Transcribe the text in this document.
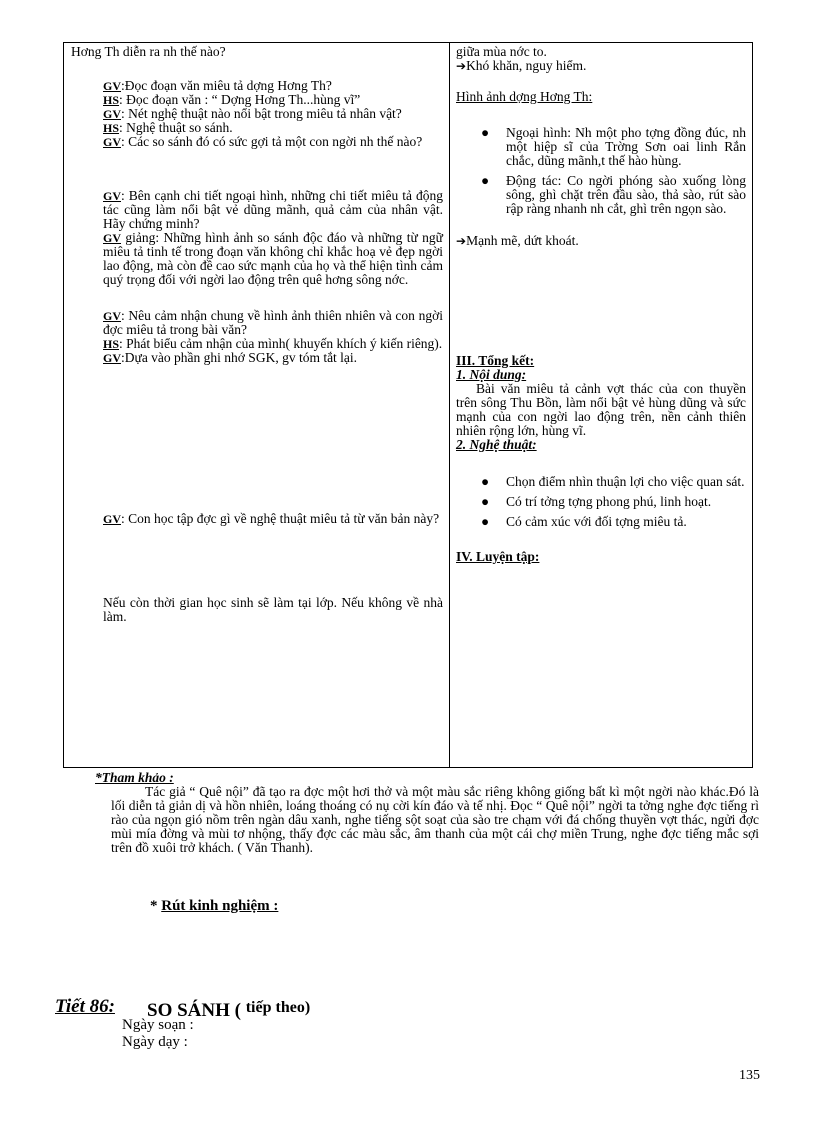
Hơng Th diễn ra nh thế nào?

GV:Đọc đoạn văn miêu tả dợng Hơng Th?

HS: Đọc đoạn văn : “ Dợng Hơng Th...hùng vĩ”

GV: Nét nghệ thuật nào nổi bật trong miêu tả nhân vật?

HS: Nghệ thuật so sánh.

GV: Các so sánh đó có sức gợi tả một con ngời nh thế nào?

GV: Bên cạnh chi tiết ngoại hình, những chi tiết miêu tả động tác cũng làm nổi bật vẻ dũng mãnh, quả cảm của nhân vật. Hãy chứng minh?

GV giảng: Những hình ảnh so sánh độc đáo và những từ ngữ miêu tả tinh tế trong đoạn văn không chỉ khắc hoạ vẻ đẹp ngời lao động, mà còn đề cao sức mạnh của họ và thể hiện tình cảm quý trọng đối với ngời lao động trên quê hơng sông nớc.

GV: Nêu cảm nhận chung về hình ảnh thiên nhiên và con ngời đợc miêu tả trong bài văn?

HS: Phát biểu cảm nhận của mình( khuyến khích ý kiến riêng).

GV:Dựa vào phần ghi nhớ SGK, gv tóm tắt lại.

GV: Con học tập đợc gì về nghệ thuật miêu tả từ văn bản này?

Nếu còn thời gian học sinh sẽ làm tại lớp. Nếu không về nhà làm.

giữa mùa nớc to.

➔Khó khăn, nguy hiểm.

Hình ảnh dợng Hơng Th:

● Ngoại hình: Nh một pho tợng đồng đúc, nh một hiệp sĩ của Trờng Sơn oai linh Rắn chắc, dũng mãnh,t thế hào hùng.

● Động tác: Co ngời phóng sào xuống lòng sông, ghì chặt trên đầu sào, thả sào, rút sào rập ràng nhanh nh cắt, ghì trên ngọn sào.

➔Mạnh mẽ, dứt khoát.

III. Tổng kết:

1. Nội dung:

Bài văn miêu tả cảnh vợt thác của con thuyền trên sông Thu Bồn, làm nổi bật vẻ hùng dũng và sức mạnh của con ngời lao động trên, nền cảnh thiên nhiên rộng lớn, hùng vĩ.

2. Nghệ thuật:

● Chọn điểm nhìn thuận lợi cho việc quan sát.

● Có trí tởng tợng phong phú, linh hoạt.

● Có cảm xúc với đối tợng miêu tả.

IV. Luyện tập:

*Tham khảo :

Tác giả “ Quê nội” đã tạo ra đợc một hơi thở và một màu sắc riêng không giống bất kì một ngời nào khác.Đó là lối diễn tả giản dị và hồn nhiên, loáng thoáng có nụ cời kín đáo và tế nhị. Đọc “ Quê nội” ngời ta tởng nghe đợc tiếng rì rào của ngọn gió nồm trên ngàn dâu xanh, nghe tiếng sột soạt của sào tre chạm với đá chống thuyền vợt thác, ngửi đợc mùi mía đờng và mùi tơ nhộng, thấy đợc các màu sắc, âm thanh của một cái chợ miền Trung, nghe đợc tiếng mắc sợi trên đồ xuôi trở khách. ( Văn Thanh).

* Rút kinh nghiệm :
Tiết 86: SO SÁNH ( $^{tiếp theo)}$
Ngày soạn :
Ngày dạy :
135
